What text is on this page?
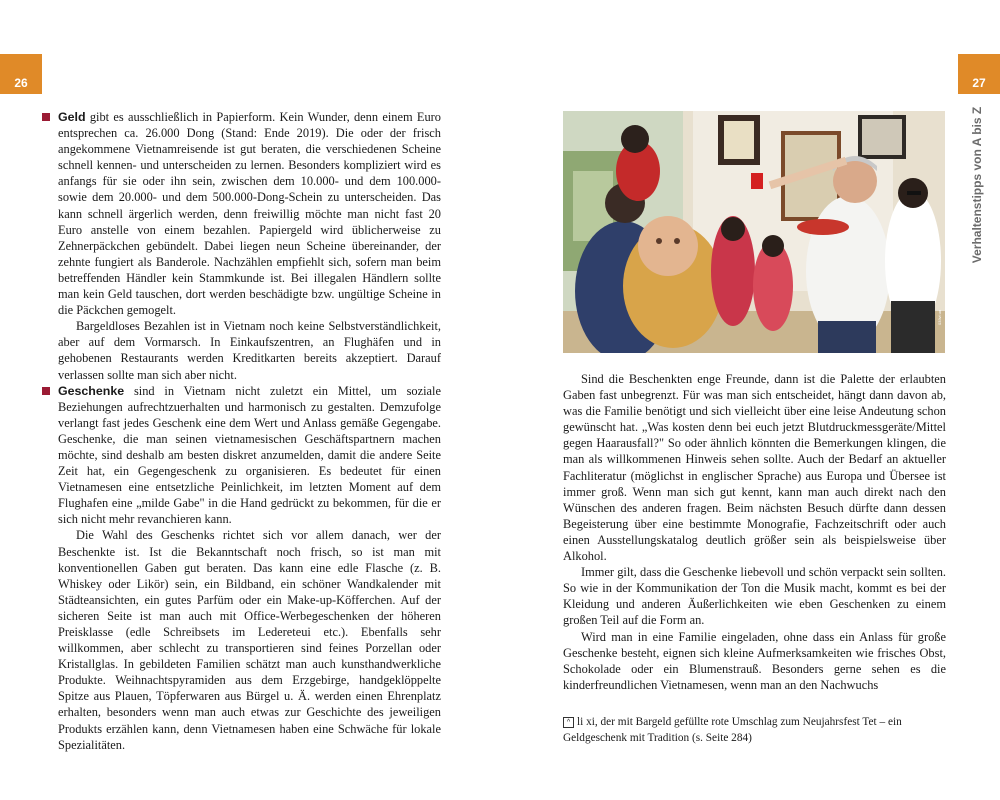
26	27
Verhaltenstipps von A bis Z

Geld gibt es ausschließlich in Papierform. Kein Wunder, denn einem Euro entsprechen ca. 26.000 Dong (Stand: Ende 2019). Die oder der frisch angekommene Vietnamreisende ist gut beraten, die verschiedenen Scheine schnell kennen- und unterscheiden zu lernen. Besonders kompliziert wird es anfangs für sie oder ihn sein, zwischen dem 10.000- und dem 100.000- sowie dem 20.000- und dem 500.000-Dong-Schein zu unterscheiden. Das kann schnell ärgerlich werden, denn freiwillig möchte man nicht fast 20 Euro anstelle von einem bezahlen. Papiergeld wird üblicherweise zu Zehnerpäckchen gebündelt. Dabei liegen neun Scheine übereinander, der zehnte fungiert als Banderole. Nachzählen empfiehlt sich, sofern man beim betreffenden Händler kein Stammkunde ist. Bei illegalen Händlern sollte man kein Geld tauschen, dort werden beschädigte bzw. ungültige Scheine in die Päckchen gemogelt.

Bargeldloses Bezahlen ist in Vietnam noch keine Selbstverständlichkeit, aber auf dem Vormarsch. In Einkaufszentren, an Flughäfen und in gehobenen Restaurants werden Kreditkarten bereits akzeptiert. Darauf verlassen sollte man sich aber nicht.

Geschenke sind in Vietnam nicht zuletzt ein Mittel, um soziale Beziehungen aufrechtzuerhalten und harmonisch zu gestalten. Demzufolge verlangt fast jedes Geschenk eine dem Wert und Anlass gemäße Gegengabe. Geschenke, die man seinen vietnamesischen Geschäftspartnern machen möchte, sind deshalb am besten diskret anzumelden, damit die andere Seite Zeit hat, ein Gegengeschenk zu organisieren. Es bedeutet für einen Vietnamesen eine entsetzliche Peinlichkeit, im letzten Moment auf dem Flughafen eine „milde Gabe" in die Hand gedrückt zu bekommen, für die er sich nicht mehr revanchieren kann.

Die Wahl des Geschenks richtet sich vor allem danach, wer der Beschenkte ist. Ist die Bekanntschaft noch frisch, so ist man mit konventionellen Gaben gut beraten. Das kann eine edle Flasche (z. B. Whiskey oder Likör) sein, ein Bildband, ein schöner Wandkalender mit Städteansichten, ein gutes Parfüm oder ein Make-up-Köfferchen. Auf der sicheren Seite ist man auch mit Office-Werbegeschenken der höheren Preisklasse (edle Schreibsets im Ledereteui etc.). Ebenfalls sehr willkommen, aber schlecht zu transportieren sind feines Porzellan oder Kristallglas. In gebildeten Familien schätzt man auch kunsthandwerkliche Produkte. Weihnachtspyramiden aus dem Erzgebirge, handgeklöppelte Spitze aus Plauen, Töpferwaren aus Bürgel u. Ä. werden einen Ehrenplatz erhalten, besonders wenn man auch etwas zur Geschichte des jeweiligen Produkts erzählen kann, denn Vietnamesen haben eine Schwäche für lokale Spezialitäten.

033vi ua

Sind die Beschenkten enge Freunde, dann ist die Palette der erlaubten Gaben fast unbegrenzt. Für was man sich entscheidet, hängt dann davon ab, was die Familie benötigt und sich vielleicht über eine leise Andeutung schon gewünscht hat. „Was kosten denn bei euch jetzt Blutdruckmessgeräte/Mittel gegen Haarausfall?" So oder ähnlich könnten die Bemerkungen klingen, die man als willkommenen Hinweis sehen sollte. Auch der Bedarf an aktueller Fachliteratur (möglichst in englischer Sprache) aus Europa und Übersee ist immer groß. Wenn man sich gut kennt, kann man auch direkt nach den Wünschen des anderen fragen. Beim nächsten Besuch dürfte dann dessen Begeisterung über eine bestimmte Monografie, Fachzeitschrift oder auch einen Ausstellungskatalog deutlich größer sein als beispielsweise über Alkohol.

Immer gilt, dass die Geschenke liebevoll und schön verpackt sein sollten. So wie in der Kommunikation der Ton die Musik macht, kommt es bei der Kleidung und anderen Äußerlichkeiten wie eben Geschenken zu einem großen Teil auf die Form an.

Wird man in eine Familie eingeladen, ohne dass ein Anlass für große Geschenke besteht, eignen sich kleine Aufmerksamkeiten wie frisches Obst, Schokolade oder ein Blumenstrauß. Besonders gerne sehen es die kinderfreundlichen Vietnamesen, wenn man an den Nachwuchs

^ li xi, der mit Bargeld gefüllte rote Umschlag zum Neujahrsfest Tet – ein Geldgeschenk mit Tradition (s. Seite 284)
